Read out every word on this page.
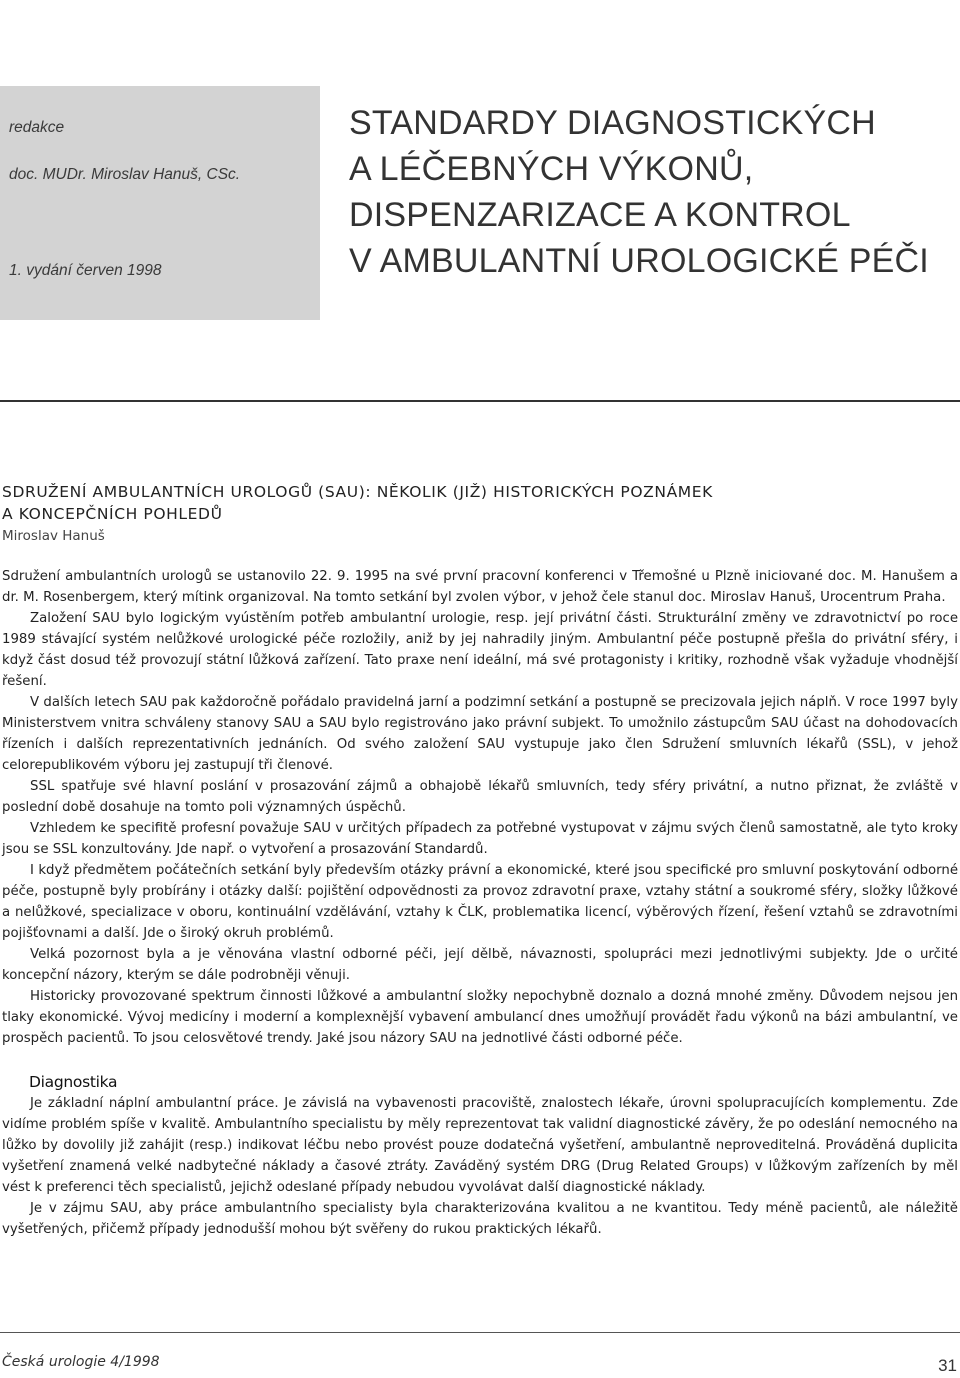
redakce
doc. MUDr. Miroslav Hanuš, CSc.
1. vydání červen 1998
STANDARDY DIAGNOSTICKÝCH
A LÉČEBNÝCH VÝKONŮ,
DISPENZARIZACE A KONTROL
V AMBULANTNÍ UROLOGICKÉ PÉČI
SDRUŽENÍ AMBULANTNÍCH UROLOGŮ (SAU): NĚKOLIK (JIŽ) HISTORICKÝCH POZNÁMEK
A KONCEPČNÍCH POHLEDŮ
Miroslav Hanuš

Sdružení ambulantních urologů se ustanovilo 22. 9. 1995 na své první pracovní konferenci v Třemošné u Plzně iniciované doc. M. Hanušem a dr. M. Rosenbergem, který mítink organizoval. Na tomto setkání byl zvolen výbor, v jehož čele stanul doc. Miroslav Hanuš, Urocentrum Praha.

Založení SAU bylo logickým vyústěním potřeb ambulantní urologie, resp. její privátní části. Strukturální změny ve zdravotnictví po roce 1989 stávající systém nelůžkové urologické péče rozložily, aniž by jej nahradily jiným. Ambulantní péče postupně přešla do privátní sféry, i když část dosud též provozují státní lůžková zařízení. Tato praxe není ideální, má své protagonisty i kritiky, rozhodně však vyžaduje vhodnější řešení.

V dalších letech SAU pak každoročně pořádalo pravidelná jarní a podzimní setkání a postupně se precizovala jejich náplň. V roce 1997 byly Ministerstvem vnitra schváleny stanovy SAU a SAU bylo registrováno jako právní subjekt. To umožnilo zástupcům SAU účast na dohodovacích řízeních i dalších reprezentativních jednáních. Od svého založení SAU vystupuje jako člen Sdružení smluvních lékařů (SSL), v jehož celorepublikovém výboru jej zastupují tři členové.

SSL spatřuje své hlavní poslání v prosazování zájmů a obhajobě lékařů smluvních, tedy sféry privátní, a nutno přiznat, že zvláště v poslední době dosahuje na tomto poli významných úspěchů.

Vzhledem ke specifitě profesní považuje SAU v určitých případech za potřebné vystupovat v zájmu svých členů samostatně, ale tyto kroky jsou se SSL konzultovány. Jde např. o vytvoření a prosazování Standardů.

I když předmětem počátečních setkání byly především otázky právní a ekonomické, které jsou specifické pro smluvní poskytování odborné péče, postupně byly probírány i otázky další: pojištění odpovědnosti za provoz zdravotní praxe, vztahy státní a soukromé sféry, složky lůžkové a nelůžkové, specializace v oboru, kontinuální vzdělávání, vztahy k ČLK, problematika licencí, výběrových řízení, řešení vztahů se zdravotními pojišťovnami a další. Jde o široký okruh problémů.

Velká pozornost byla a je věnována vlastní odborné péči, její dělbě, návaznosti, spolupráci mezi jednotlivými subjekty. Jde o určité koncepční názory, kterým se dále podrobněji věnuji.

Historicky provozované spektrum činnosti lůžkové a ambulantní složky nepochybně doznalo a dozná mnohé změny. Důvodem nejsou jen tlaky ekonomické. Vývoj medicíny i moderní a komplexnější vybavení ambulancí dnes umožňují provádět řadu výkonů na bázi ambulantní, ve prospěch pacientů. To jsou celosvětové trendy. Jaké jsou názory SAU na jednotlivé části odborné péče.

Diagnostika

Je základní náplní ambulantní práce. Je závislá na vybavenosti pracoviště, znalostech lékaře, úrovni spolupracujících komplementu. Zde vidíme problém spíše v kvalitě. Ambulantního specialistu by měly reprezentovat tak validní diagnostické závěry, že po odeslání nemocného na lůžko by dovolily již zahájit (resp.) indikovat léčbu nebo provést pouze dodatečná vyšetření, ambulantně neproveditelná. Prováděná duplicita vyšetření znamená velké nadbytečné náklady a časové ztráty. Zaváděný systém DRG (Drug Related Groups) v lůžkovým zařízeních by měl vést k preferenci těch specialistů, jejichž odeslané případy nebudou vyvolávat další diagnostické náklady.

Je v zájmu SAU, aby práce ambulantního specialisty byla charakterizována kvalitou a ne kvantitou. Tedy méně pacientů, ale náležitě vyšetřených, přičemž případy jednodušší mohou být svěřeny do rukou praktických lékařů.

Česká urologie 4/1998	31
